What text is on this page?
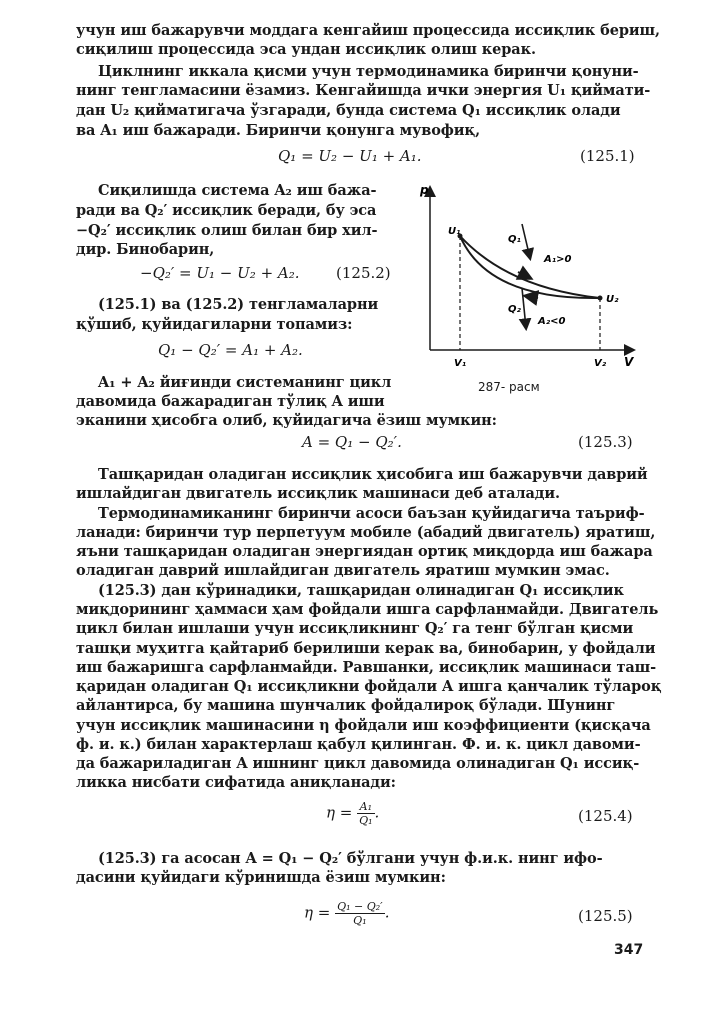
учун иш бажарувчи моддага кенгайиш процессида иссиқлик бериш,
сиқилиш процессида эса ундан иссиқлик олиш керак.
Циклнинг иккала қисми учун термодинамика биринчи қонуни-
нинг тенгламасини ёзамиз. Кенгайишда ички энергия U₁ қиймати-
дан U₂ қийматигача ўзгаради, бунда система Q₁ иссиқлик олади
ва A₁ иш бажаради. Биринчи қонунга мувофиқ,
Q₁ = U₂ − U₁ + A₁.	(125.1)
Сиқилишда система A₂ иш бажа-
ради ва Q₂′ иссиқлик беради, бу эса
−Q₂′ иссиқлик олиш билан бир хил-
дир. Бинобарин,
−Q₂′ = U₁ − U₂ + A₂. (125.2)
(125.1) ва (125.2) тенгламаларни
қўшиб, қуйидагиларни топамиз:
Q₁ − Q₂′ = A₁ + A₂.
A₁ + A₂ йиғинди системанинг цикл
давомида бажарадиган тўлиқ A иши
эканини ҳисобга олиб, қуйидагича ёзиш мумкин:
p
V
U₁
U₂
Q₁
Q₂
A₁>0
A₂<0
V₁	V₂
287- расм
A = Q₁ − Q₂′.	(125.3)
Ташқаридан оладиган иссиқлик ҳисобига иш бажарувчи даврий
ишлайдиган двигатель иссиқлик машинаси деб аталади.
Термодинамиканинг биринчи асоси баъзан қуйидагича таъриф-
ланади: биринчи тур перпетуум мобиле (абадий двигатель) яратиш,
яъни ташқаридан оладиган энергиядан ортиқ миқдорда иш бажара
оладиган даврий ишлайдиган двигатель яратиш мумкин эмас.
(125.3) дан кўринадики, ташқаридан олинадиган Q₁ иссиқлик
миқдорининг ҳаммаси ҳам фойдали ишга сарфланмайди. Двигатель
цикл билан ишлаши учун иссиқликнинг Q₂′ га тенг бўлган қисми
ташқи муҳитга қайтариб берилиши керак ва, бинобарин, у фойдали
иш бажаришга сарфланмайди. Равшанки, иссиқлик машинаси таш-
қаридан оладиган Q₁ иссиқликни фойдали A ишга қанчалик тўлароқ
айлантирса, бу машина шунчалик фойдалироқ бўлади. Шунинг
учун иссиқлик машинасини η фойдали иш коэффициенти (қисқача
ф. и. к.) билан характерлаш қабул қилинган. Ф. и. к. цикл давоми-
да бажариладиган A ишнинг цикл давомида олинадиган Q₁ иссиқ-
ликка нисбати сифатида аниқланади:
$\eta = \frac{\text{A₁}}{\text{Q₁}}$ .	(125.4)
(125.3) га асосан A = Q₁ − Q₂′ бўлгани учун ф.и.к. нинг ифо-
дасини қуйидаги кўринишда ёзиш мумкин:
$\eta = \frac{\text{Q₁ − Q₂′}}{\text{Q₁}}$ .	(125.5)
347
